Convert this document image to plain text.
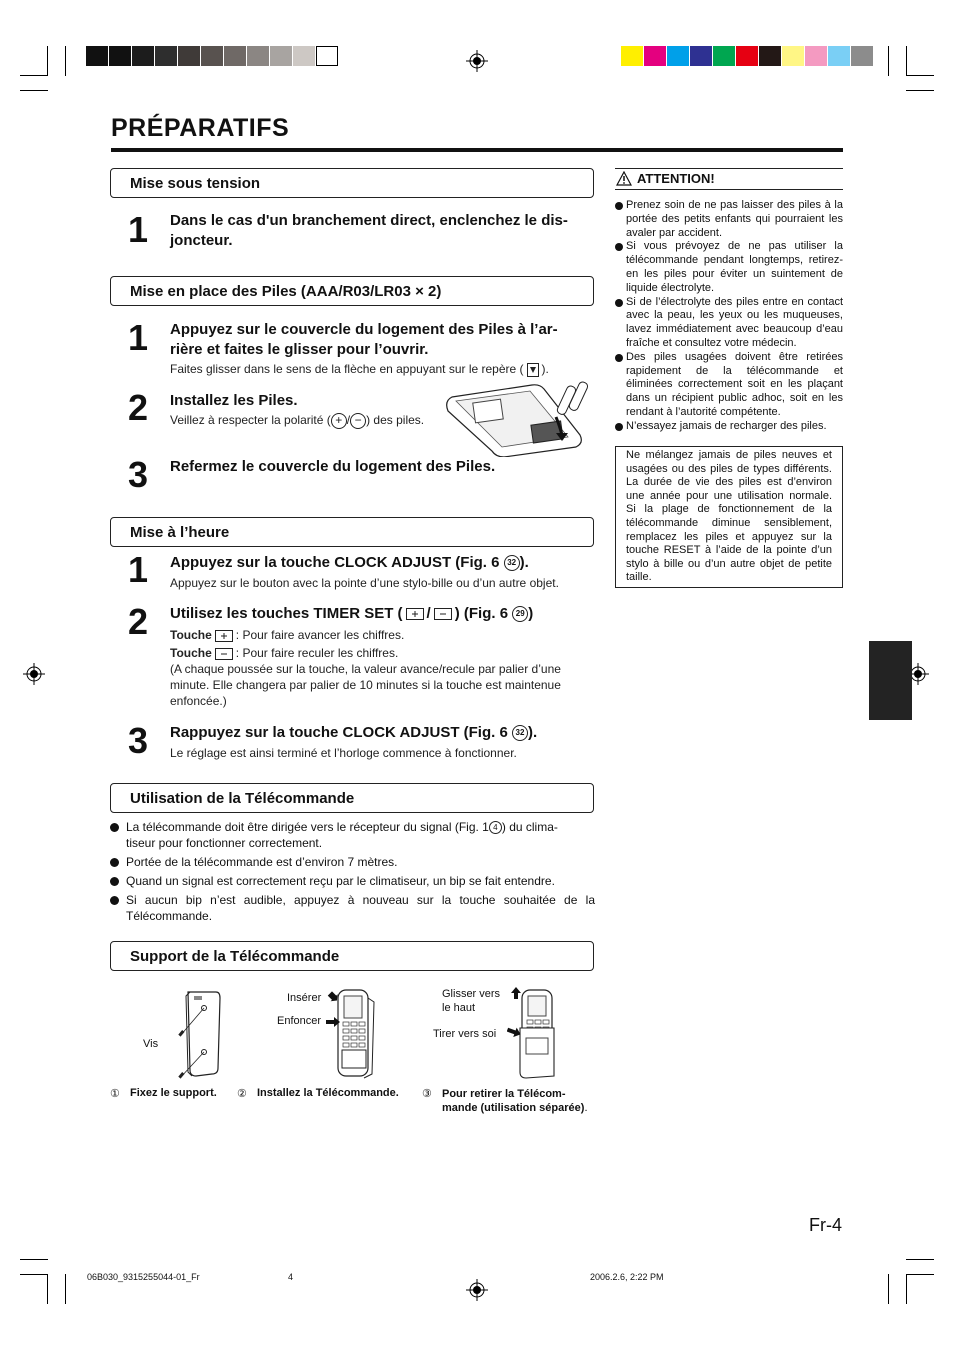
PRÉPARATIFS
Mise sous tension
1 Dans le cas d'un branchement direct, enclenchez le dis-
joncteur.
Mise en place des Piles (AAA/R03/LR03 × 2)
1 Appuyez sur le couvercle du logement des Piles à l’ar-
rière et faites le glisser pour l’ouvrir.
Faites glisser dans le sens de la flèche en appuyant sur le repère ( ).
2 Installez les Piles.
Veillez à respecter la polarité ( + / − ) des piles.
3 Refermez le couvercle du logement des Piles.
Mise à l’heure
1 Appuyez sur la touche CLOCK ADJUST (Fig. 6 32 ).
Appuyez sur le bouton avec la pointe d’une stylo-bille ou d’un autre objet.
2 Utilisez les touches TIMER SET ( / ) (Fig. 6 29 )
Touche : Pour faire avancer les chiffres.
Touche : Pour faire reculer les chiffres.
(A chaque poussée sur la touche, la valeur avance/recule par palier d’une
minute. Elle changera par palier de 10 minutes si la touche est maintenue
enfoncée.)
3 Rappuyez sur la touche CLOCK ADJUST (Fig. 6 32 ).
Le réglage est ainsi terminé et l’horloge commence à fonctionner.
Utilisation de la Télécommande
La télécommande doit être dirigée vers le récepteur du signal (Fig. 1 4 ) du clima-
tiseur pour fonctionner correctement.
Portée de la télécommande est d’environ 7 mètres.
Quand un signal est correctement reçu par le climatiseur, un bip se fait entendre.
Si aucun bip n’est audible, appuyez à nouveau sur la touche souhaitée de la
Télécommande.
Support de la Télécommande
Vis
Insérer
Enfoncer
Glisser vers
le haut
Tirer vers soi
① Fixez le support. ② Installez la Télécommande. ③ Pour retirer la Télécom-
mande (utilisation séparée).
ATTENTION!
Prenez soin de ne pas laisser des piles à la portée des petits enfants qui pourraient les avaler par accident.
Si vous prévoyez de ne pas utiliser la télécommande pendant longtemps, retirez-en les piles pour éviter un suintement de liquide électrolyte.
Si de l’électrolyte des piles entre en contact avec la peau, les yeux ou les muqueuses, lavez immédiatement avec beaucoup d’eau fraîche et consultez votre médecin.
Des piles usagées doivent être retirées rapidement de la télécommande et éliminées correctement soit en les plaçant dans un récipient public adhoc, soit en les rendant à l’autorité compétente.
N’essayez jamais de recharger des piles.
Ne mélangez jamais de piles neuves et usagées ou des piles de types différents. La durée de vie des piles est d’environ une année pour une utilisation normale. Si la plage de fonctionnement de la télécommande diminue sensiblement, remplacez les piles et appuyez sur la touche RESET à l’aide de la pointe d’un stylo à bille ou d’un autre objet de petite taille.
Fr-4
06B030_9315255044-01_Fr	4	2006.2.6, 2:22 PM
